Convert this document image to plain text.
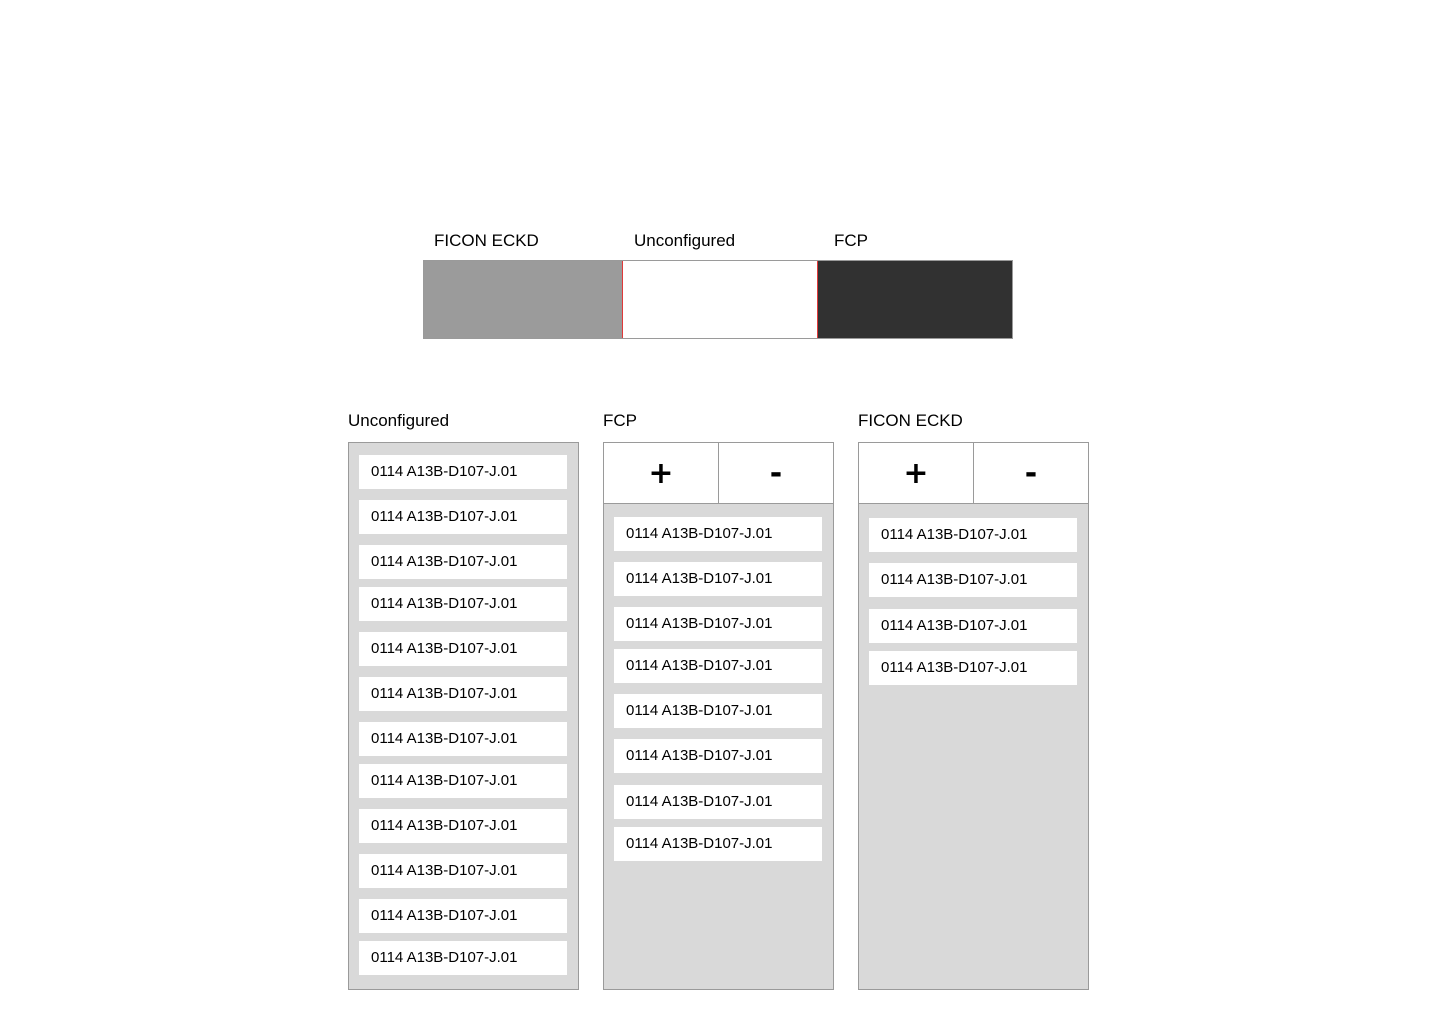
FICON ECKD	Unconfigured	FCP
Unconfigured
0114 A13B-D107-J.01
0114 A13B-D107-J.01
0114 A13B-D107-J.01
0114 A13B-D107-J.01
0114 A13B-D107-J.01
0114 A13B-D107-J.01
0114 A13B-D107-J.01
0114 A13B-D107-J.01
0114 A13B-D107-J.01
0114 A13B-D107-J.01
0114 A13B-D107-J.01
0114 A13B-D107-J.01
FCP
+	-
0114 A13B-D107-J.01
0114 A13B-D107-J.01
0114 A13B-D107-J.01
0114 A13B-D107-J.01
0114 A13B-D107-J.01
0114 A13B-D107-J.01
0114 A13B-D107-J.01
0114 A13B-D107-J.01
FICON ECKD
+	-
0114 A13B-D107-J.01
0114 A13B-D107-J.01
0114 A13B-D107-J.01
0114 A13B-D107-J.01
